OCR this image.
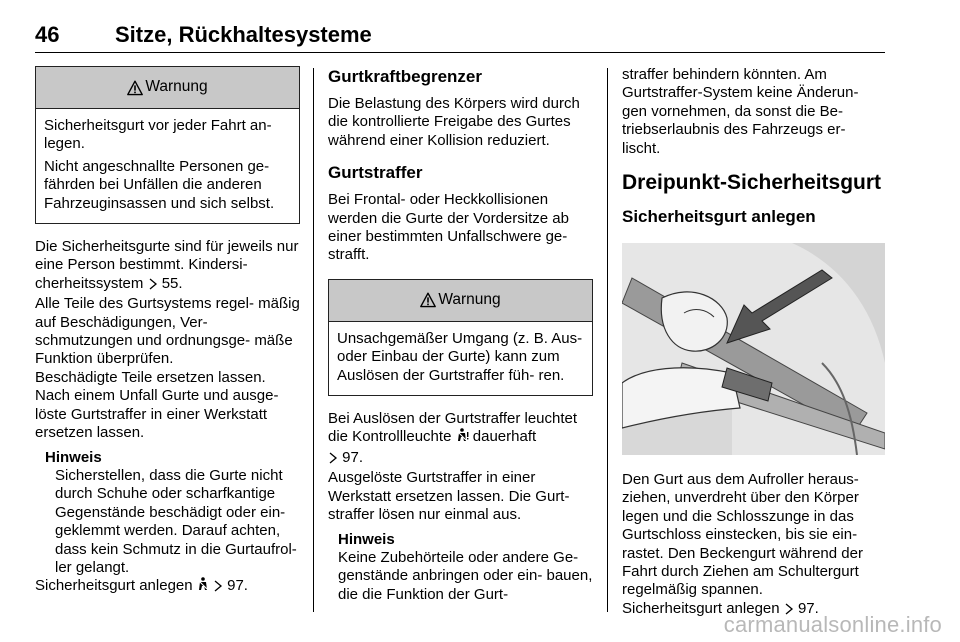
46	Sitze, Rückhaltesysteme
Warnung

Sicherheitsgurt vor jeder Fahrt an- legen.

Nicht angeschnallte Personen ge- fährden bei Unfällen die anderen Fahrzeuginsassen und sich selbst.

Die Sicherheitsgurte sind für jeweils nur eine Person bestimmt. Kindersi- cherheitssystem 55.

Alle Teile des Gurtsystems regel- mäßig auf Beschädigungen, Ver- schmutzungen und ordnungsge- mäße Funktion überprüfen.

Beschädigte Teile ersetzen lassen. Nach einem Unfall Gurte und ausge- löste Gurtstraffer in einer Werkstatt ersetzen lassen.

Hinweis

Sicherstellen, dass die Gurte nicht durch Schuhe oder scharfkantige Gegenstände beschädigt oder ein- geklemmt werden. Darauf achten, dass kein Schmutz in die Gurtaufrol- ler gelangt.

Sicherheitsgurt anlegen 97.

Gurtkraftbegrenzer

Die Belastung des Körpers wird durch die kontrollierte Freigabe des Gurtes während einer Kollision reduziert.

Gurtstraffer

Bei Frontal- oder Heckkollisionen werden die Gurte der Vordersitze ab einer bestimmten Unfallschwere ge- strafft.

Warnung

Unsachgemäßer Umgang (z. B. Aus- oder Einbau der Gurte) kann zum Auslösen der Gurtstraffer füh- ren.

Bei Auslösen der Gurtstraffer leuchtet die Kontrollleuchte dauerhaft
97.

Ausgelöste Gurtstraffer in einer Werkstatt ersetzen lassen. Die Gurt- straffer lösen nur einmal aus.

Hinweis

Keine Zubehörteile oder andere Ge- genstände anbringen oder ein- bauen, die die Funktion der Gurt-

straffer behindern könnten. Am Gurtstraffer-System keine Änderun- gen vornehmen, da sonst die Be- triebserlaubnis des Fahrzeugs er- lischt.

Dreipunkt-Sicherheitsgurt

Sicherheitsgurt anlegen

Den Gurt aus dem Aufroller heraus- ziehen, unverdreht über den Körper legen und die Schlosszunge in das Gurtschloss einstecken, bis sie ein- rastet. Den Beckengurt während der Fahrt durch Ziehen am Schultergurt regelmäßig spannen.

Sicherheitsgurt anlegen 97.

carmanualsonline.info
